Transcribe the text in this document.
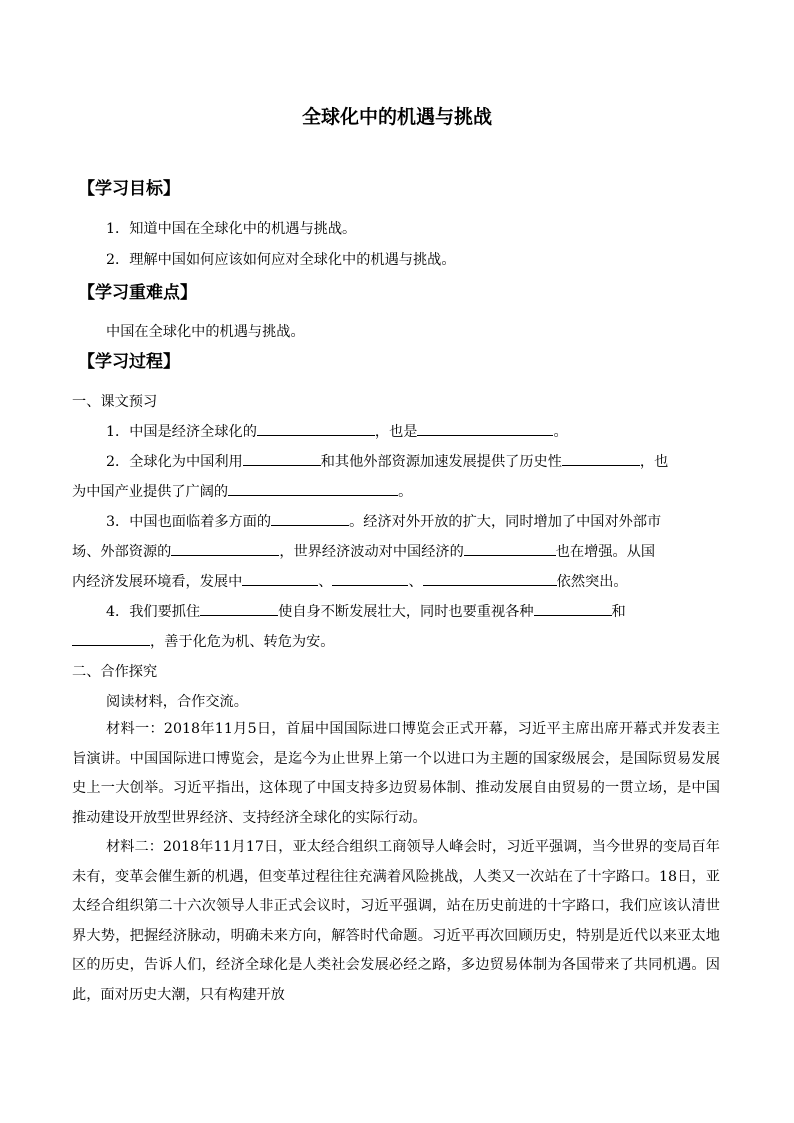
全球化中的机遇与挑战
【学习目标】
1．知道中国在全球化中的机遇与挑战。
2．理解中国如何应该如何应对全球化中的机遇与挑战。
【学习重难点】
中国在全球化中的机遇与挑战。
【学习过程】
一、课文预习
1．中国是经济全球化的	，也是	。
2．全球化为中国利用	和其他外部资源加速发展提供了历史性	，也
为中国产业提供了广阔的	。
3．中国也面临着多方面的	。经济对外开放的扩大，同时增加了中国对外部市
场、外部资源的	，世界经济波动对中国经济的	也在增强。从国
内经济发展环境看，发展中	、	、	依然突出。
4．我们要抓住	使自身不断发展壮大，同时也要重视各种	和
，善于化危为机、转危为安。
二、合作探究
阅读材料，合作交流。
材料一：2018年11月5日，首届中国国际进口博览会正式开幕，习近平主席出席开幕式并发表主旨演讲。中国国际进口博览会，是迄今为止世界上第一个以进口为主题的国家级展会，是国际贸易发展史上一大创举。习近平指出，这体现了中国支持多边贸易体制、推动发展自由贸易的一贯立场，是中国推动建设开放型世界经济、支持经济全球化的实际行动。
材料二：2018年11月17日，亚太经合组织工商领导人峰会时，习近平强调，当今世界的变局百年未有，变革会催生新的机遇，但变革过程往往充满着风险挑战，人类又一次站在了十字路口。18日，亚太经合组织第二十六次领导人非正式会议时，习近平强调，站在历史前进的十字路口，我们应该认清世界大势，把握经济脉动，明确未来方向，解答时代命题。习近平再次回顾历史，特别是近代以来亚太地区的历史，告诉人们，经济全球化是人类社会发展必经之路，多边贸易体制为各国带来了共同机遇。因此，面对历史大潮，只有构建开放
